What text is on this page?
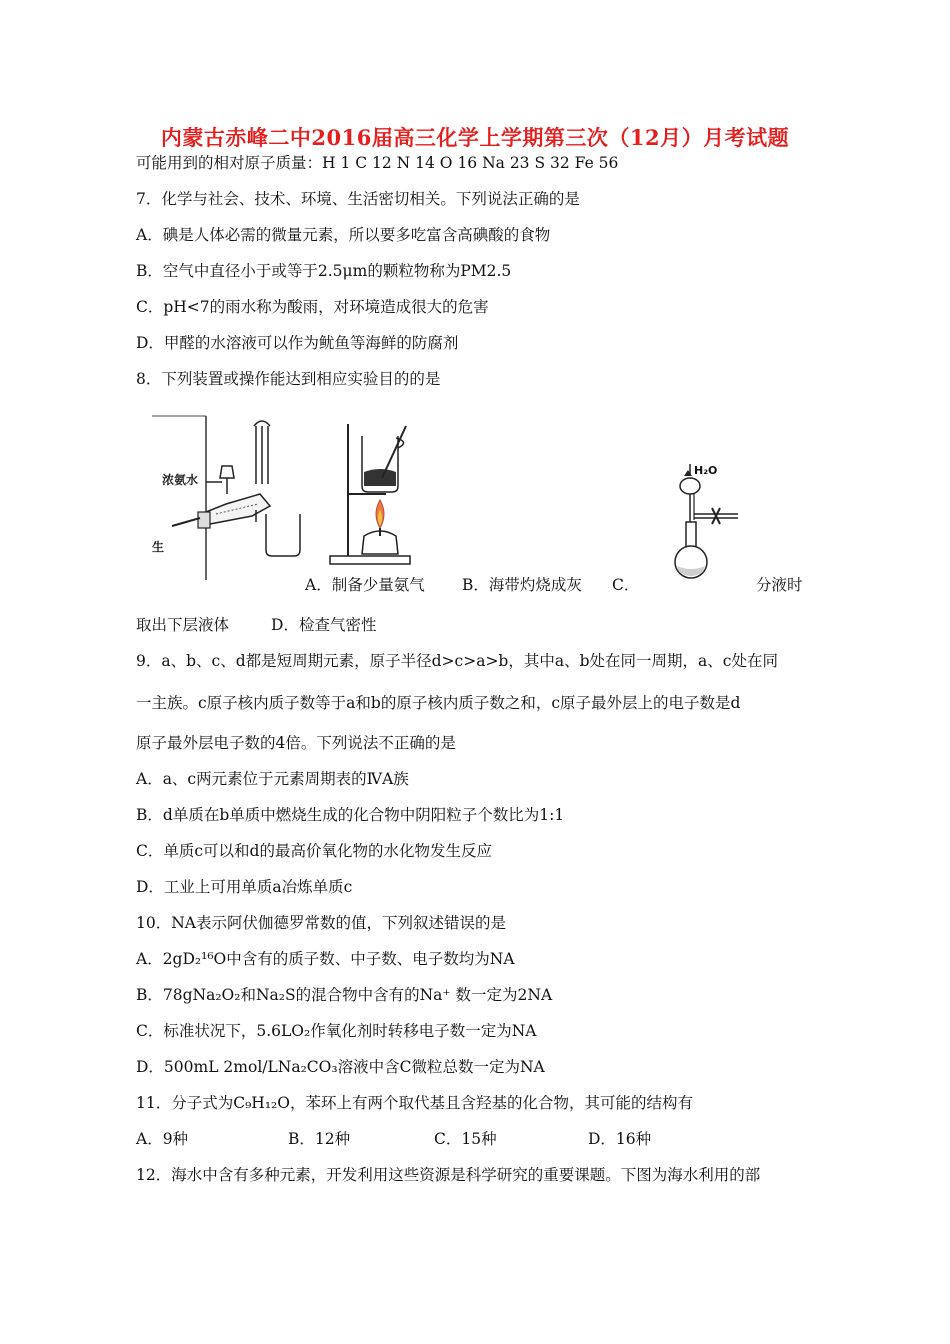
内蒙古赤峰二中2016届高三化学上学期第三次（12月）月考试题
可能用到的相对原子质量：H 1 C 12 N 14 O 16 Na 23 S 32 Fe 56
7．化学与社会、技术、环境、生活密切相关。下列说法正确的是
A．碘是人体必需的微量元素，所以要多吃富含高碘酸的食物
B．空气中直径小于或等于2.5μm的颗粒物称为PM2.5
C．pH<7的雨水称为酸雨，对环境造成很大的危害
D．甲醛的水溶液可以作为鱿鱼等海鲜的防腐剂
8．下列装置或操作能达到相应实验目的的是
浓氨水
生
H₂O
A．制备少量氨气 B．海带灼烧成灰 C．	分液时
取出下层液体	D．检查气密性
9．a、b、c、d都是短周期元素，原子半径d>c>a>b，其中a、b处在同一周期，a、c处在同
一主族。c原子核内质子数等于a和b的原子核内质子数之和，c原子最外层上的电子数是d
原子最外层电子数的4倍。下列说法不正确的是
A．a、c两元素位于元素周期表的ⅣA族
B．d单质在b单质中燃烧生成的化合物中阴阳粒子个数比为1:1
C．单质c可以和d的最高价氧化物的水化物发生反应
D．工业上可用单质a冶炼单质c
10．NA表示阿伏伽德罗常数的值，下列叙述错误的是
A．2gD₂¹⁶O中含有的质子数、中子数、电子数均为NA
B．78gNa₂O₂和Na₂S的混合物中含有的Na⁺ 数一定为2NA
C．标准状况下，5.6LO₂作氧化剂时转移电子数一定为NA
D．500mL 2mol/LNa₂CO₃溶液中含C微粒总数一定为NA
11．分子式为C₉H₁₂O，苯环上有两个取代基且含羟基的化合物，其可能的结构有
A．9种	B．12种	C．15种	D．16种
12．海水中含有多种元素，开发利用这些资源是科学研究的重要课题。下图为海水利用的部
